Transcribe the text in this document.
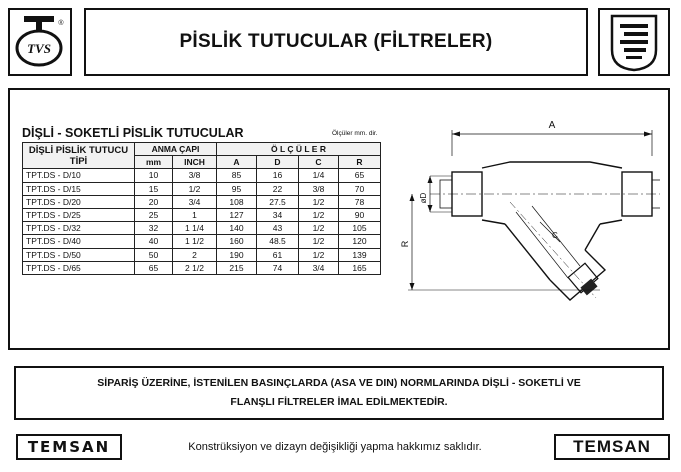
TVS
®
PİSLİK TUTUCULAR (FİLTRELER)
DİŞLİ - SOKETLİ PİSLİK TUTUCULAR	Ölçüler mm. dir.
DİŞLİ PİSLİK TUTUCU TİPİ	ANMA ÇAPI		Ö L Ç Ü L E R			
	mm	INCH	A	D	C	R
TPT.DS - D/10	10	3/8	85	16	1/4	65
TPT.DS - D/15	15	1/2	95	22	3/8	70
TPT.DS - D/20	20	3/4	108	27.5	1/2	78
TPT.DS - D/25	25	1	127	34	1/2	90
TPT.DS - D/32	32	1 1/4	140	43	1/2	105
TPT.DS - D/40	40	1 1/2	160	48.5	1/2	120
TPT.DS - D/50	50	2	190	61	1/2	139
TPT.DS - D/65	65	2 1/2	215	74	3/4	165
A
øD
C
R

SİPARİŞ ÜZERİNE, İSTENİLEN BASINÇLARDA (ASA VE DIN) NORMLARINDA DİŞLİ - SOKETLİ VE

FLANŞLI FİLTRELER İMAL EDİLMEKTEDİR.

TEMSAN	Konstrüksiyon ve dizayn değişikliği yapma hakkımız saklıdır.	TEMSAN
